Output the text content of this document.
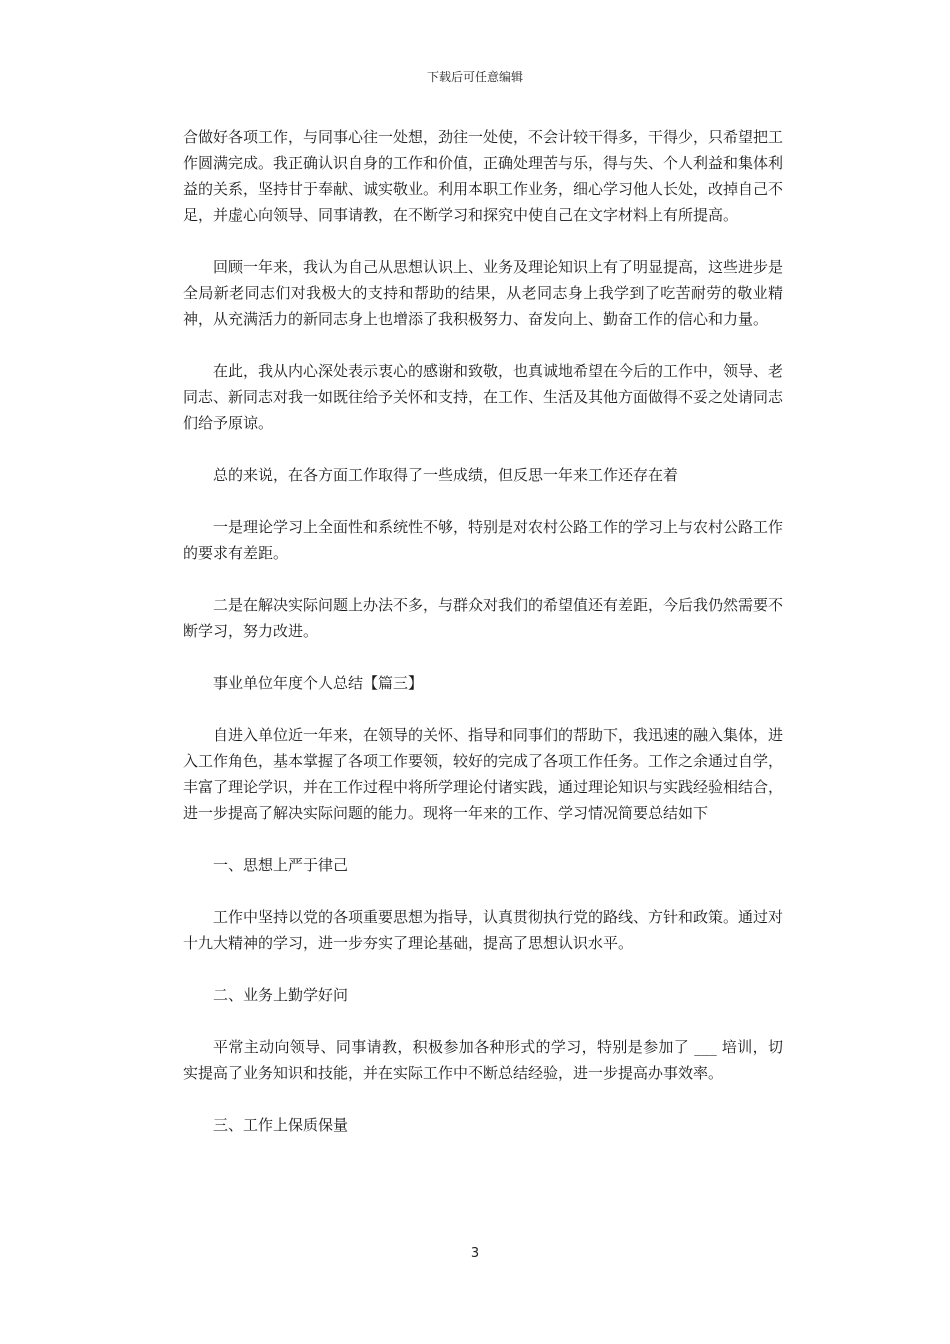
下载后可任意编辑

合做好各项工作，与同事心往一处想，劲往一处使，不会计较干得多，干得少，只希望把工作圆满完成。我正确认识自身的工作和价值，正确处理苦与乐，得与失、个人利益和集体利益的关系，坚持甘于奉献、诚实敬业。利用本职工作业务，细心学习他人长处，改掉自己不足，并虚心向领导、同事请教，在不断学习和探究中使自己在文字材料上有所提高。

回顾一年来，我认为自己从思想认识上、业务及理论知识上有了明显提高，这些进步是全局新老同志们对我极大的支持和帮助的结果，从老同志身上我学到了吃苦耐劳的敬业精神，从充满活力的新同志身上也增添了我积极努力、奋发向上、勤奋工作的信心和力量。

在此，我从内心深处表示衷心的感谢和致敬，也真诚地希望在今后的工作中，领导、老同志、新同志对我一如既往给予关怀和支持，在工作、生活及其他方面做得不妥之处请同志们给予原谅。

总的来说，在各方面工作取得了一些成绩，但反思一年来工作还存在着

一是理论学习上全面性和系统性不够，特别是对农村公路工作的学习上与农村公路工作的要求有差距。

二是在解决实际问题上办法不多，与群众对我们的希望值还有差距，今后我仍然需要不断学习，努力改进。

事业单位年度个人总结【篇三】

自进入单位近一年来，在领导的关怀、指导和同事们的帮助下，我迅速的融入集体，进入工作角色，基本掌握了各项工作要领，较好的完成了各项工作任务。工作之余通过自学，丰富了理论学识，并在工作过程中将所学理论付诸实践，通过理论知识与实践经验相结合，进一步提高了解决实际问题的能力。现将一年来的工作、学习情况简要总结如下

一、思想上严于律己

工作中坚持以党的各项重要思想为指导，认真贯彻执行党的路线、方针和政策。通过对十九大精神的学习，进一步夯实了理论基础，提高了思想认识水平。

二、业务上勤学好问

平常主动向领导、同事请教，积极参加各种形式的学习，特别是参加了 ___ 培训，切实提高了业务知识和技能，并在实际工作中不断总结经验，进一步提高办事效率。

三、工作上保质保量

3
